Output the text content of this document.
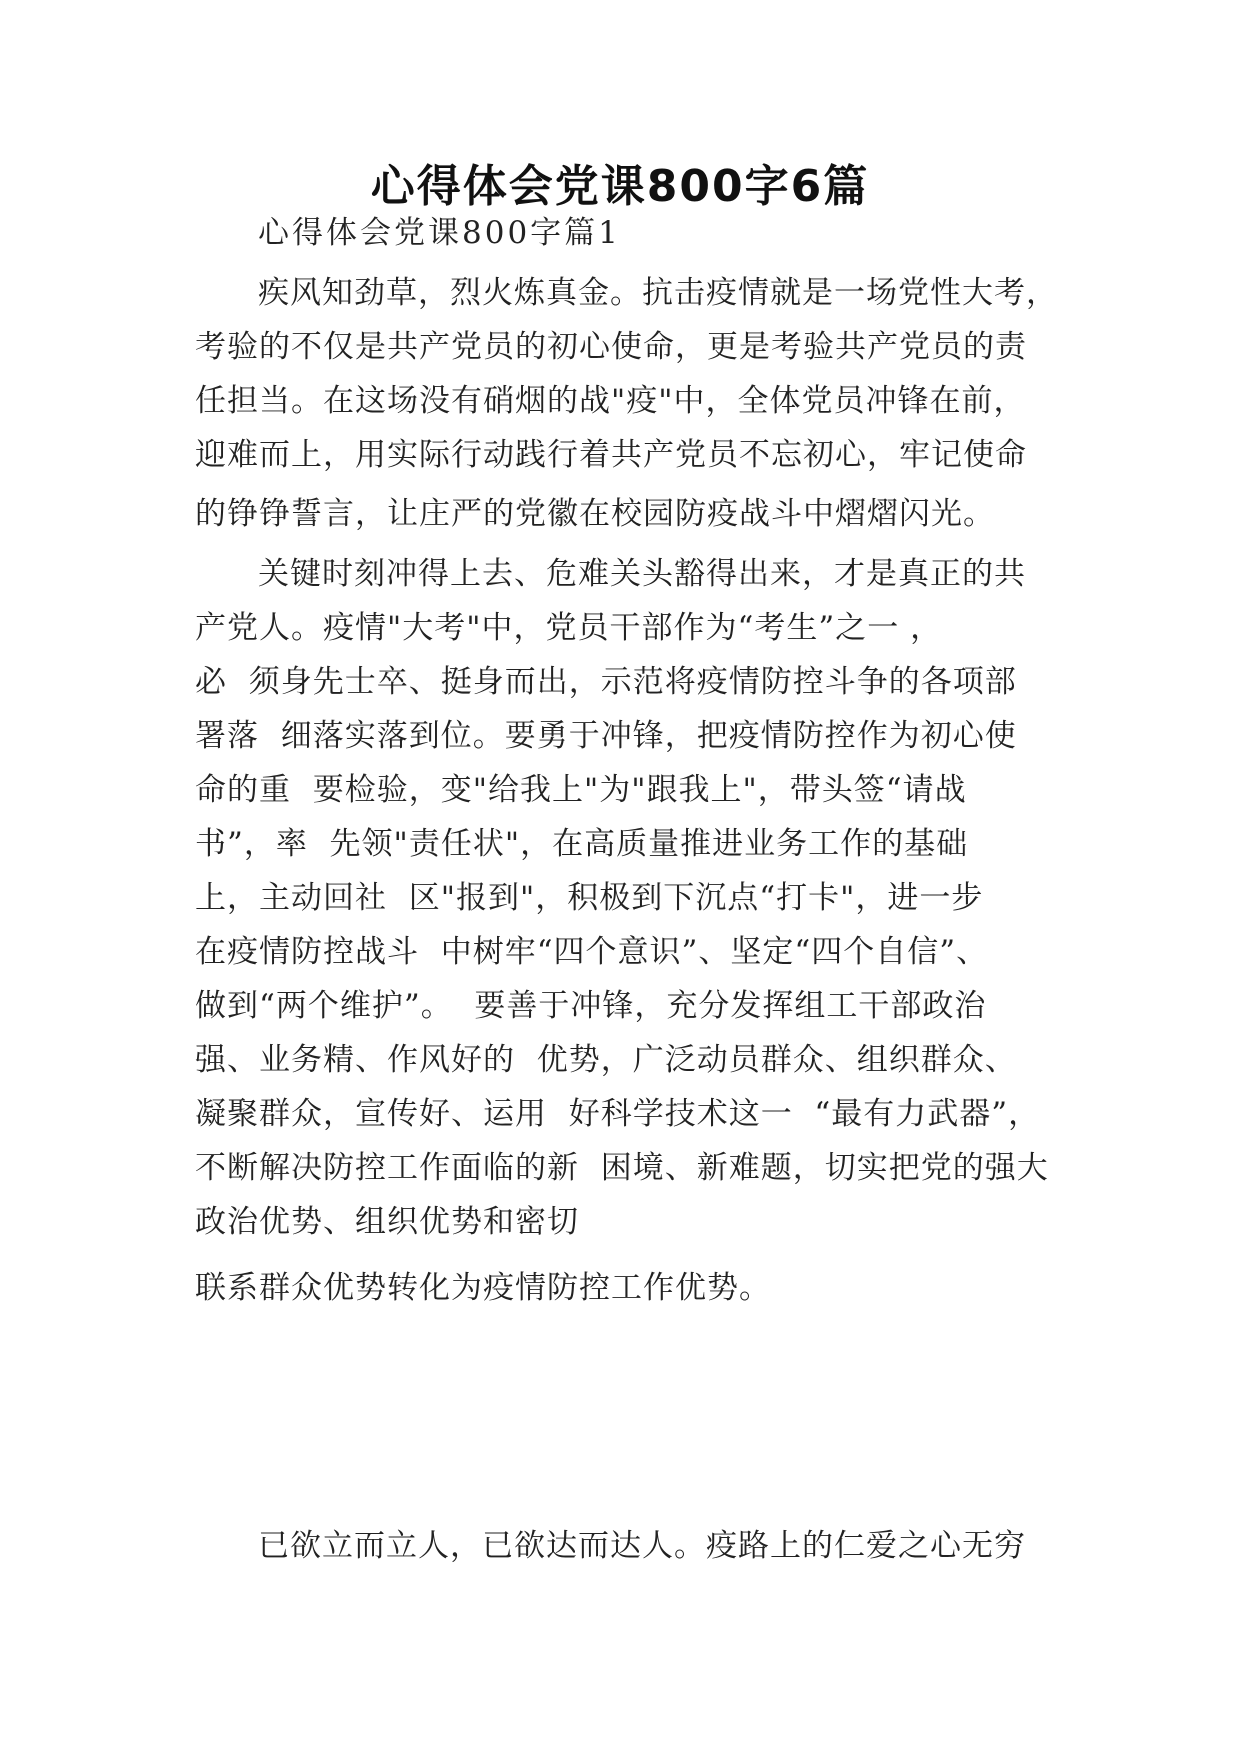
心得体会党课800字6篇
心得体会党课800字篇1
疾风知劲草，烈火炼真金。抗击疫情就是一场党性大考，
考验的不仅是共产党员的初心使命，更是考验共产党员的责
任担当。在这场没有硝烟的战"疫"中，全体党员冲锋在前，
迎难而上，用实际行动践行着共产党员不忘初心，牢记使命
的铮铮誓言，让庄严的党徽在校园防疫战斗中熠熠闪光。
关键时刻冲得上去、危难关头豁得出来，才是真正的共
产党人。疫情"大考"中，党员干部作为“考生”之一 ，
必  须身先士卒、挺身而出，示范将疫情防控斗争的各项部
署落  细落实落到位。要勇于冲锋，把疫情防控作为初心使
命的重  要检验，变"给我上"为"跟我上"，带头签“请战
书”，率  先领"责任状"，在高质量推进业务工作的基础
上，主动回社  区"报到"，积极到下沉点“打卡"，进一步
在疫情防控战斗  中树牢“四个意识”、坚定“四个自信”、
做到“两个维护”。  要善于冲锋，充分发挥组工干部政治
强、业务精、作风好的  优势，广泛动员群众、组织群众、
凝聚群众，宣传好、运用  好科学技术这一  “最有力武器”，
不断解决防控工作面临的新  困境、新难题，切实把党的强大
政治优势、组织优势和密切
联系群众优势转化为疫情防控工作优势。
已欲立而立人，已欲达而达人。疫路上的仁爱之心无穷
